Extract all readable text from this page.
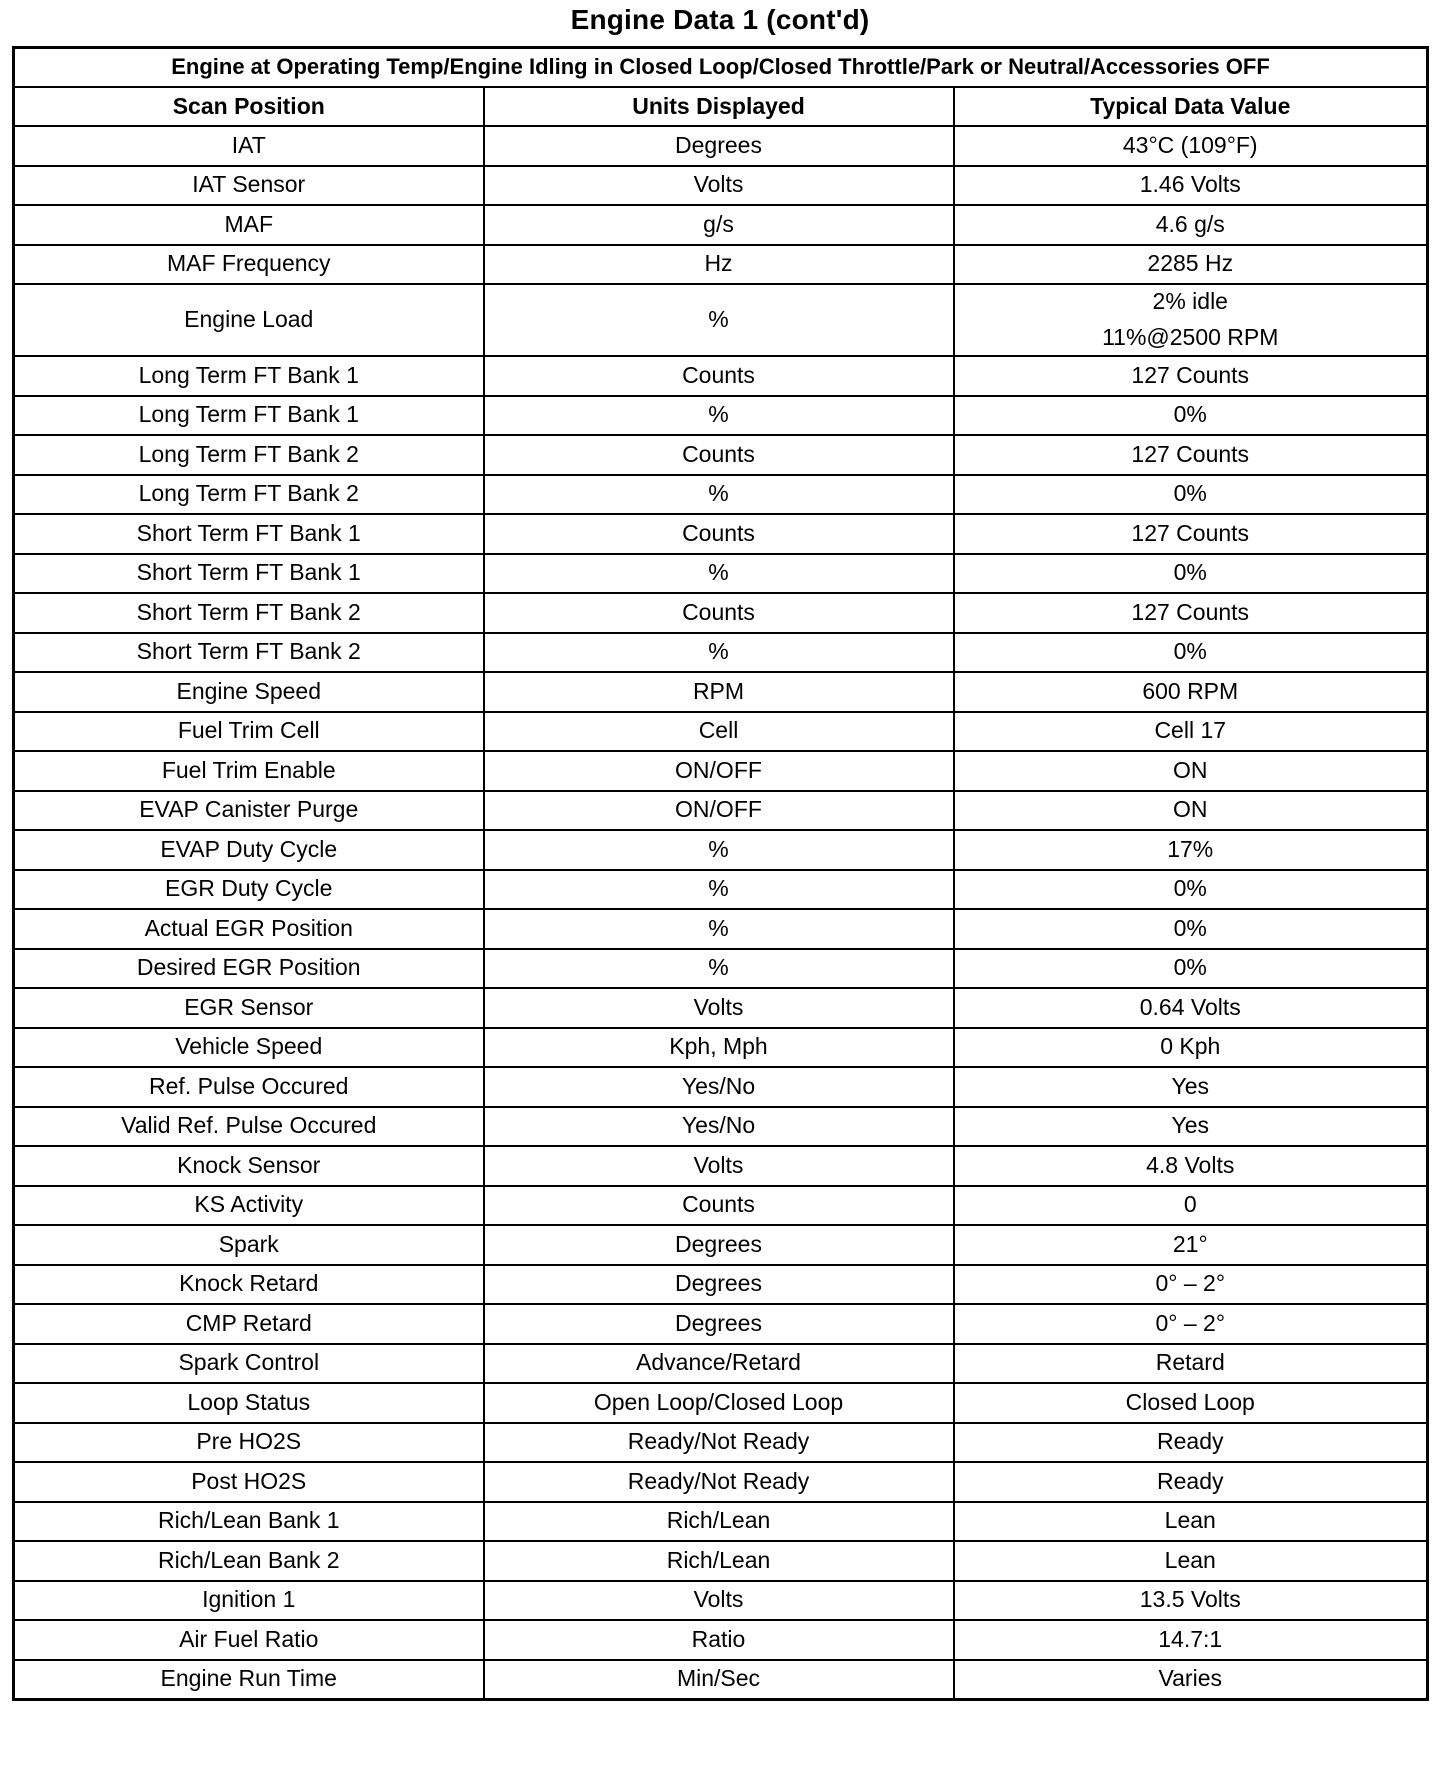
Engine Data 1 (cont'd)
Engine at Operating Temp/Engine Idling in Closed Loop/Closed Throttle/Park or Neutral/Accessories OFF		
Scan Position	Units Displayed	Typical Data Value
IAT	Degrees	43°C (109°F)
IAT Sensor	Volts	1.46 Volts
MAF	g/s	4.6 g/s
MAF Frequency	Hz	2285 Hz
Engine Load	%	2% idle
11%@2500 RPM

Long Term FT Bank 1	Counts	127 Counts
Long Term FT Bank 1	%	0%
Long Term FT Bank 2	Counts	127 Counts
Long Term FT Bank 2	%	0%
Short Term FT Bank 1	Counts	127 Counts
Short Term FT Bank 1	%	0%
Short Term FT Bank 2	Counts	127 Counts
Short Term FT Bank 2	%	0%
Engine Speed	RPM	600 RPM
Fuel Trim Cell	Cell	Cell 17
Fuel Trim Enable	ON/OFF	ON
EVAP Canister Purge	ON/OFF	ON
EVAP Duty Cycle	%	17%
EGR Duty Cycle	%	0%
Actual EGR Position	%	0%
Desired EGR Position	%	0%
EGR Sensor	Volts	0.64 Volts
Vehicle Speed	Kph, Mph	0 Kph
Ref. Pulse Occured	Yes/No	Yes
Valid Ref. Pulse Occured	Yes/No	Yes
Knock Sensor	Volts	4.8 Volts
KS Activity	Counts	0
Spark	Degrees	21°
Knock Retard	Degrees	0° – 2°
CMP Retard	Degrees	0° – 2°
Spark Control	Advance/Retard	Retard
Loop Status	Open Loop/Closed Loop	Closed Loop
Pre HO2S	Ready/Not Ready	Ready
Post HO2S	Ready/Not Ready	Ready
Rich/Lean Bank 1	Rich/Lean	Lean
Rich/Lean Bank 2	Rich/Lean	Lean
Ignition 1	Volts	13.5 Volts
Air Fuel Ratio	Ratio	14.7:1
Engine Run Time	Min/Sec	Varies
